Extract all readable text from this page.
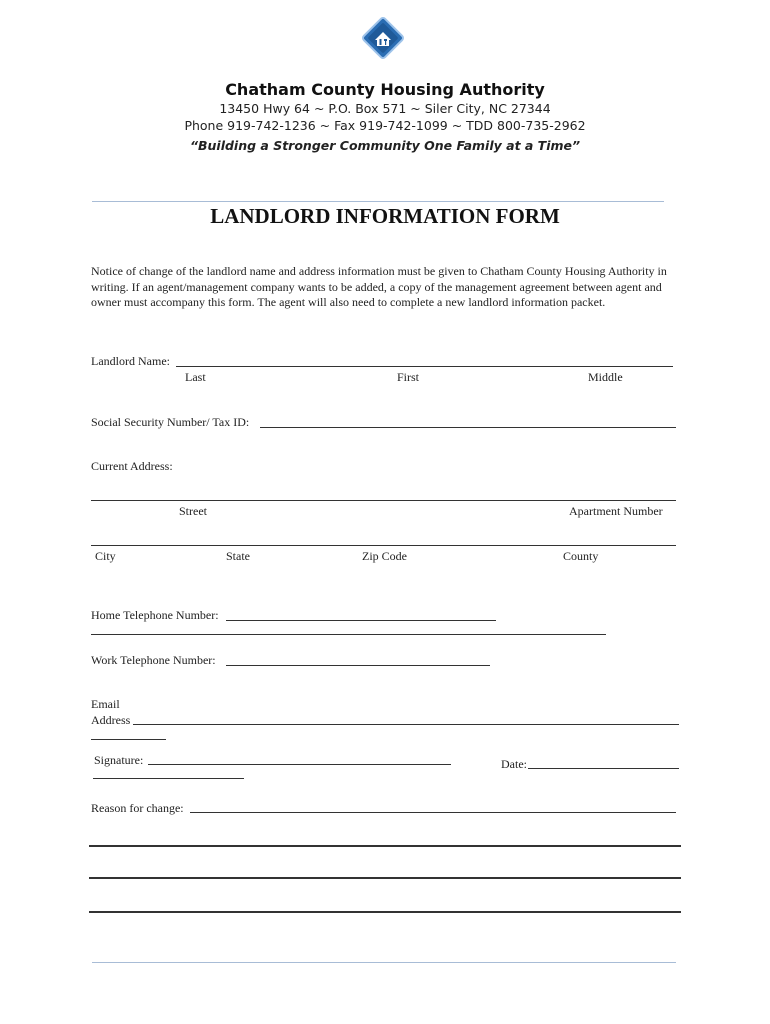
Chatham County Housing Authority
13450 Hwy 64 ~ P.O. Box 571 ~ Siler City, NC 27344
Phone 919-742-1236 ~ Fax 919-742-1099 ~ TDD 800-735-2962
“Building a Stronger Community One Family at a Time”
LANDLORD INFORMATION FORM
Notice of change of the landlord name and address information must be given to Chatham County Housing Authority in writing. If an agent/management company wants to be added, a copy of the management agreement between agent and owner must accompany this form. The agent will also need to complete a new landlord information packet.
Landlord Name:
Last	First	Middle
Social Security Number/ Tax ID:
Current Address:
Street	Apartment Number
City	State	Zip Code	County
Home Telephone Number:
Work Telephone Number:
Email
Address
Signature:	Date:
Reason for change:
